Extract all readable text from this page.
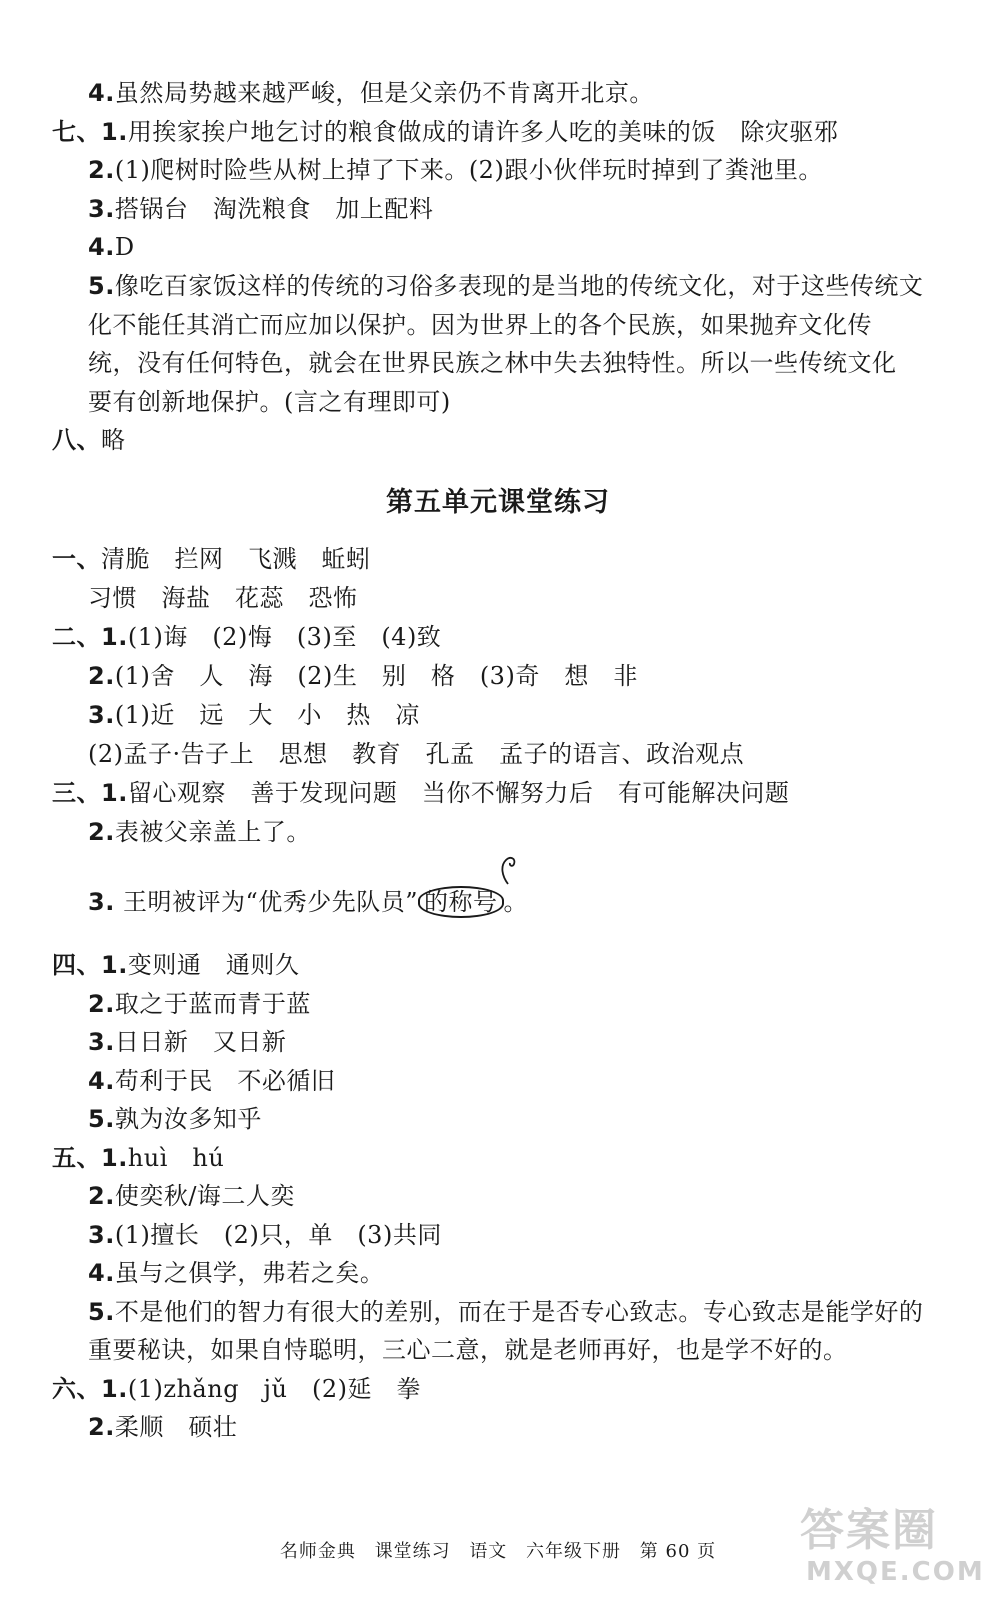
4.虽然局势越来越严峻，但是父亲仍不肯离开北京。
七、1.用挨家挨户地乞讨的粮食做成的请许多人吃的美味的饭　除灾驱邪
2.(1)爬树时险些从树上掉了下来。(2)跟小伙伴玩时掉到了粪池里。
3.搭锅台　淘洗粮食　加上配料
4.D
5.像吃百家饭这样的传统的习俗多表现的是当地的传统文化，对于这些传统文
化不能任其消亡而应加以保护。因为世界上的各个民族，如果抛弃文化传
统，没有任何特色，就会在世界民族之林中失去独特性。所以一些传统文化
要有创新地保护。(言之有理即可)
八、略
第五单元课堂练习
一、清脆　拦网　飞溅　蚯蚓
习惯　海盐　花蕊　恐怖
二、1.(1)诲　(2)悔　(3)至　(4)致
2.(1)舍　人　海　(2)生　别　格　(3)奇　想　非
3.(1)近　远　大　小　热　凉
(2)孟子·告子上　思想　教育　孔孟　孟子的语言、政治观点
三、1.留心观察　善于发现问题　当你不懈努力后　有可能解决问题
2.表被父亲盖上了。
3. 王明被评为“优秀少先队员” 的称号 。
四、1.变则通　通则久
2.取之于蓝而青于蓝
3.日日新　又日新
4.苟利于民　不必循旧
5.孰为汝多知乎
五、1.huì　hú
2.使奕秋/诲二人奕
3.(1)擅长　(2)只，单　(3)共同
4.虽与之俱学，弗若之矣。
5.不是他们的智力有很大的差别，而在于是否专心致志。专心致志是能学好的
重要秘诀，如果自恃聪明，三心二意，就是老师再好，也是学不好的。
六、1.(1)zhǎng　jǔ　(2)延　拳
2.柔顺　硕壮
名师金典 课堂练习 语文 六年级下册 第 60 页	答案圈
MXQE.COM
